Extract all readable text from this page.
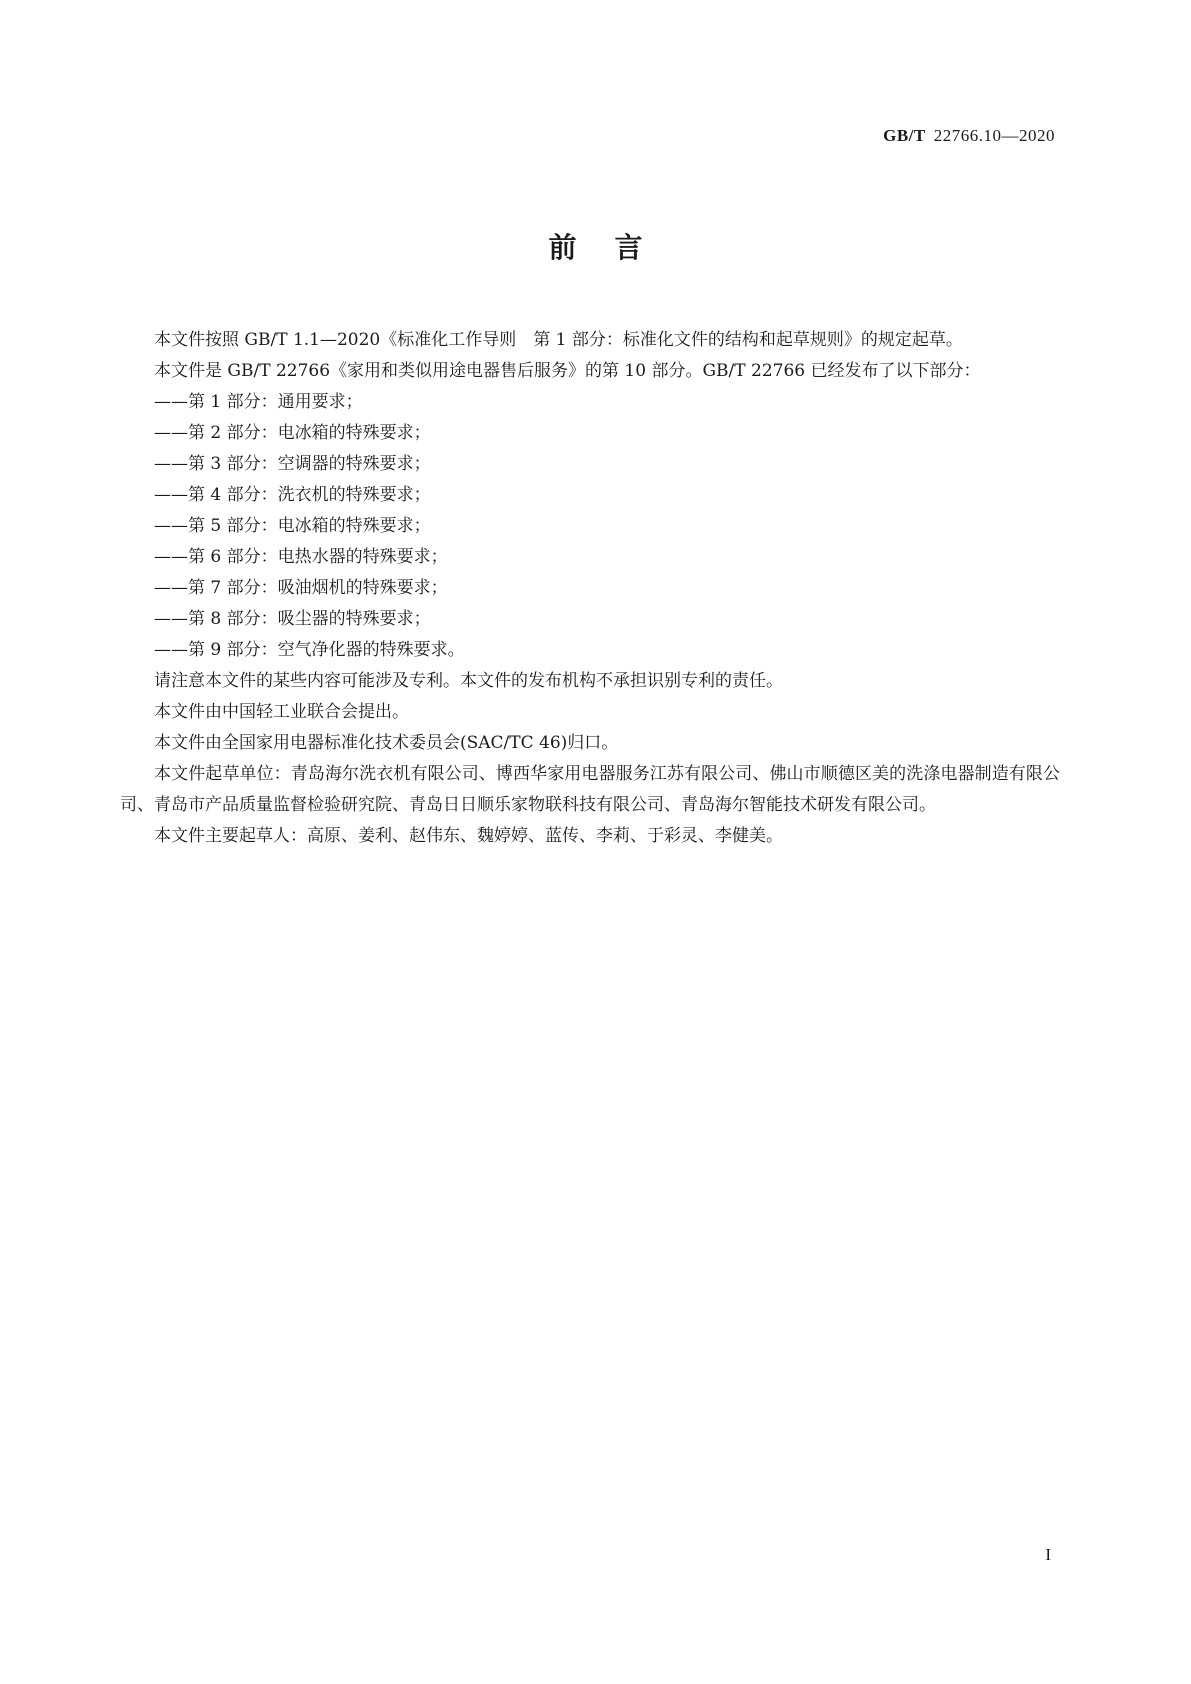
GB/T 22766.10—2020
前言

本文件按照 GB/T 1.1—2020《标准化工作导则　第 1 部分：标准化文件的结构和起草规则》的规定起草。

本文件是 GB/T 22766《家用和类似用途电器售后服务》的第 10 部分。GB/T 22766 已经发布了以下部分：

——第 1 部分：通用要求；

——第 2 部分：电冰箱的特殊要求；

——第 3 部分：空调器的特殊要求；

——第 4 部分：洗衣机的特殊要求；

——第 5 部分：电冰箱的特殊要求；

——第 6 部分：电热水器的特殊要求；

——第 7 部分：吸油烟机的特殊要求；

——第 8 部分：吸尘器的特殊要求；

——第 9 部分：空气净化器的特殊要求。

请注意本文件的某些内容可能涉及专利。本文件的发布机构不承担识别专利的责任。

本文件由中国轻工业联合会提出。

本文件由全国家用电器标准化技术委员会(SAC/TC 46)归口。

本文件起草单位：青岛海尔洗衣机有限公司、博西华家用电器服务江苏有限公司、佛山市顺德区美的洗涤电器制造有限公司、青岛市产品质量监督检验研究院、青岛日日顺乐家物联科技有限公司、青岛海尔智能技术研发有限公司。

本文件主要起草人：高原、姜利、赵伟东、魏婷婷、蓝传、李莉、于彩灵、李健美。

I
